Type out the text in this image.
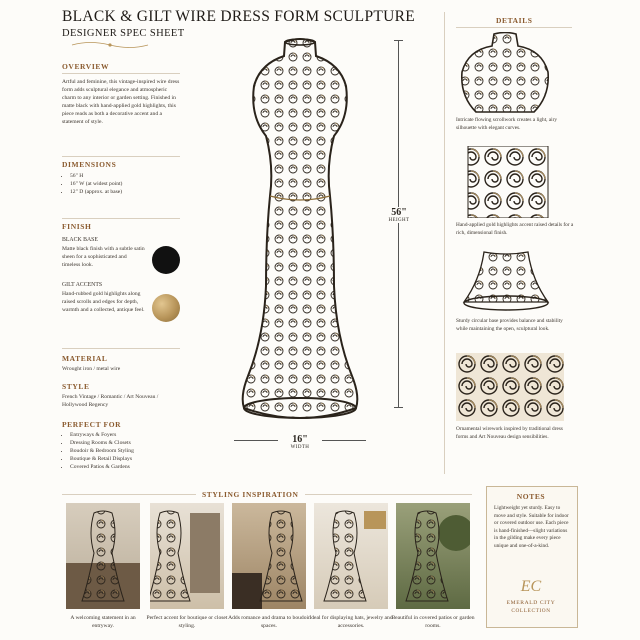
BLACK & GILT WIRE DRESS FORM SCULPTURE
DESIGNER SPEC SHEET
OVERVIEW
Artful and feminine, this vintage-inspired wire dress form adds sculptural elegance and atmospheric charm to any interior or garden setting. Finished in matte black with hand-applied gold highlights, this piece reads as both a decorative accent and a statement of style.
DIMENSIONS
• 56" H
• 16" W (at widest point)
• 12" D (approx. at base)
FINISH
BLACK BASE
Matte black finish with a subtle satin sheen for a sophisticated and timeless look.
GILT ACCENTS
Hand-rubbed gold highlights along raised scrolls and edges for depth, warmth and a collected, antique feel.
MATERIAL
Wrought iron / metal wire
STYLE
French Vintage / Romantic / Art Nouveau / Hollywood Regency
PERFECT FOR
• Entryways & Foyers
• Dressing Rooms & Closets
• Boudoir & Bedroom Styling
• Boutique & Retail Displays
• Covered Patios & Gardens
56"
HEIGHT
16"
WIDTH
DETAILS
Intricate flowing scrollwork creates a light, airy silhouette with elegant curves.
Hand-applied gold highlights accent raised details for a rich, dimensional finish.
Sturdy circular base provides balance and stability while maintaining the open, sculptural look.
Ornamental wirework inspired by traditional dress forms and Art Nouveau design sensibilities.
STYLING INSPIRATION
A welcoming statement in an entryway.
Perfect accent for boutique or closet styling.
Adds romance and drama to boudoir spaces.
Ideal for displaying hats, jewelry and accessories.
Beautiful in covered patios or garden rooms.
NOTES
Lightweight yet sturdy. Easy to move and style. Suitable for indoor or covered outdoor use. Each piece is hand-finished—slight variations in the gilding make every piece unique and one-of-a-kind.
EC
EMERALD CITY
COLLECTION
